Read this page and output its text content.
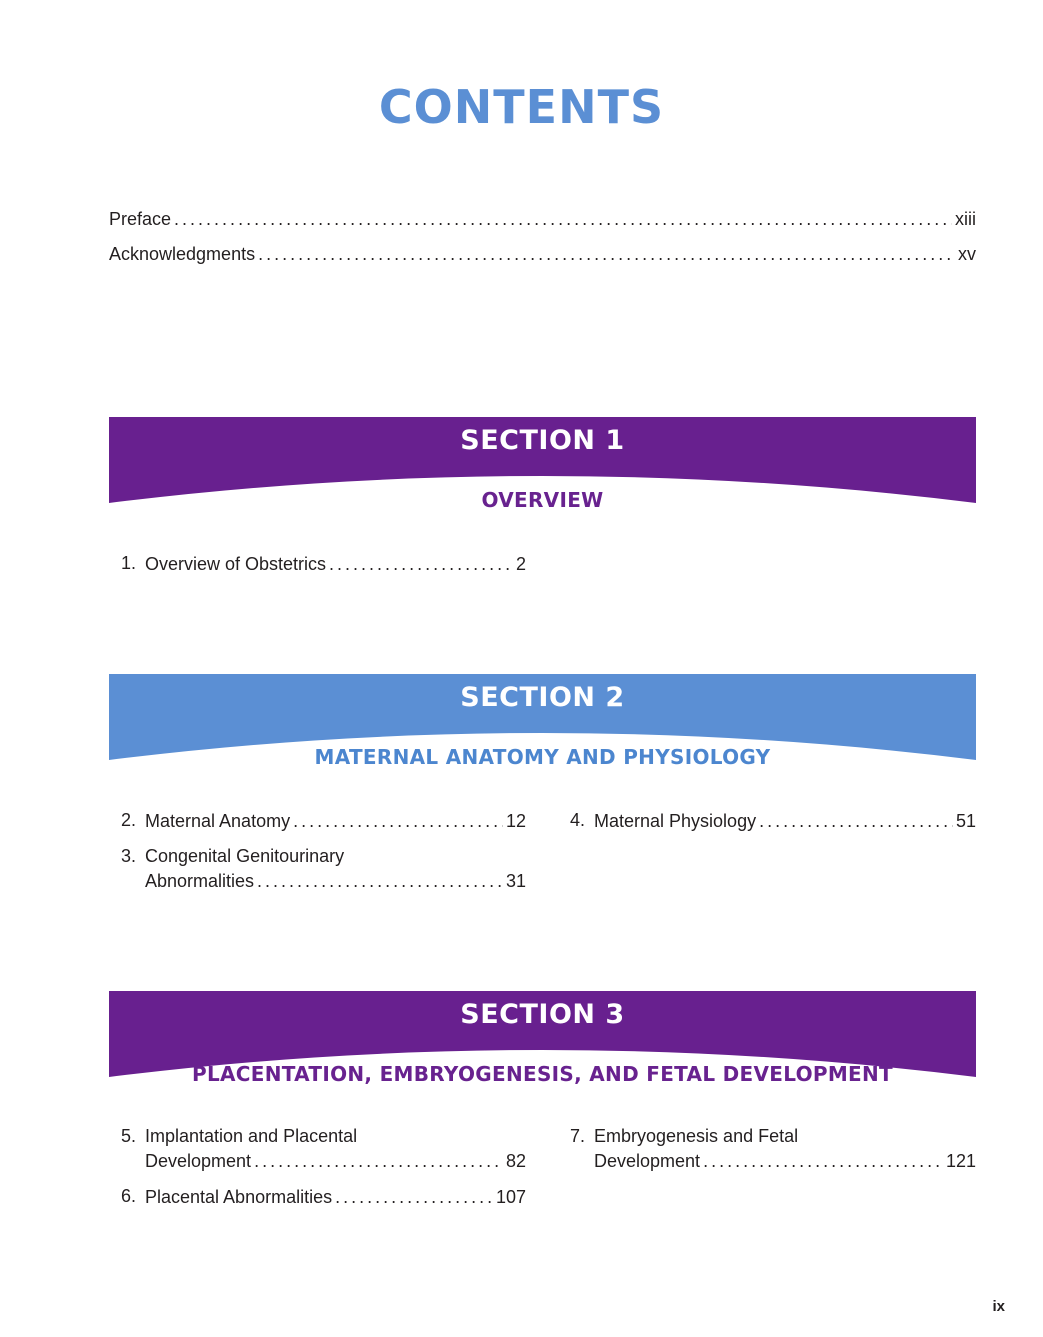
CONTENTS
Preface . . .	xiii
Acknowledgments . . .	xv
SECTION 1
OVERVIEW
1. Overview of Obstetrics . . .	2
SECTION 2
MATERNAL ANATOMY AND PHYSIOLOGY
2. Maternal Anatomy . . .	12
3. Congenital Genitourinary
Abnormalities . . .	31
4. Maternal Physiology . . .	51
SECTION 3
PLACENTATION, EMBRYOGENESIS, AND FETAL DEVELOPMENT
5. Implantation and Placental
Development . . .	82
6. Placental Abnormalities . . .	107
7. Embryogenesis and Fetal
Development . . .	121
ix
